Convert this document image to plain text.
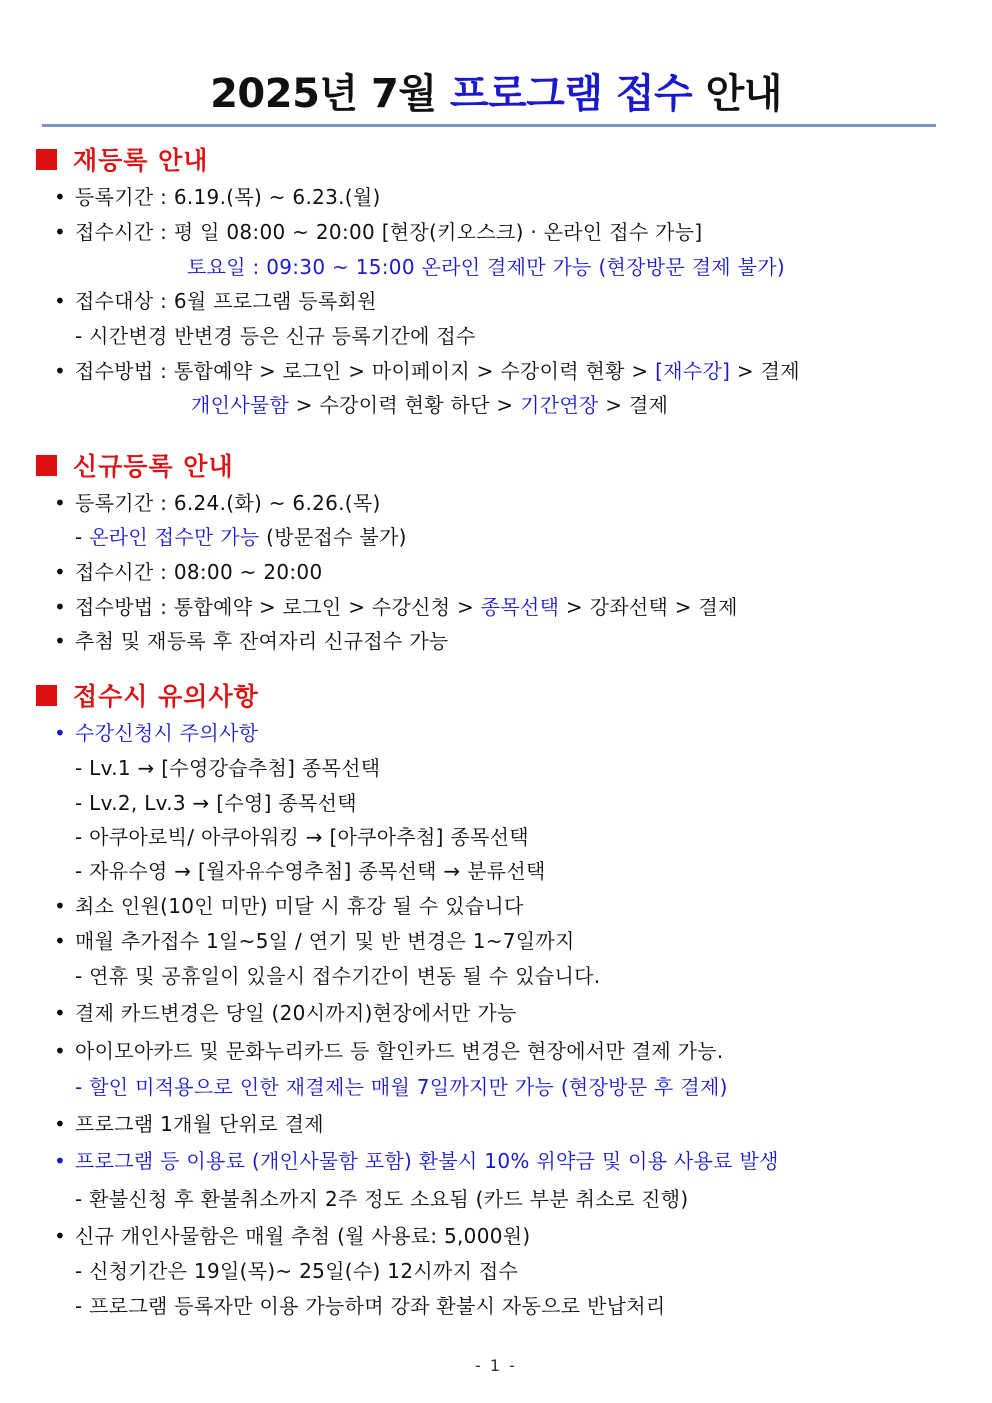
2025년 7월 프로그램 접수 안내
재등록 안내
• 등록기간 : 6.19.(목) ~ 6.23.(월)
• 접수시간 : 평 일 08:00 ~ 20:00 [현장(키오스크) · 온라인 접수 가능]
토요일 : 09:30 ~ 15:00 온라인 결제만 가능 (현장방문 결제 불가)
• 접수대상 : 6월 프로그램 등록회원
- 시간변경 반변경 등은 신규 등록기간에 접수
• 접수방법 : 통합예약 > 로그인 > 마이페이지 > 수강이력 현황 > [재수강] > 결제
개인사물함 > 수강이력 현황 하단 > 기간연장 > 결제
신규등록 안내
• 등록기간 : 6.24.(화) ~ 6.26.(목)
- 온라인 접수만 가능 (방문접수 불가)
• 접수시간 : 08:00 ~ 20:00
• 접수방법 : 통합예약 > 로그인 > 수강신청 > 종목선택 > 강좌선택 > 결제
• 추첨 및 재등록 후 잔여자리 신규접수 가능
접수시 유의사항
• 수강신청시 주의사항
- Lv.1 → [수영강습추첨] 종목선택
- Lv.2, Lv.3 → [수영] 종목선택
- 아쿠아로빅/ 아쿠아워킹 → [아쿠아추첨] 종목선택
- 자유수영 → [월자유수영추첨] 종목선택 → 분류선택
• 최소 인원(10인 미만) 미달 시 휴강 될 수 있습니다
• 매월 추가접수 1일~5일 / 연기 및 반 변경은 1~7일까지
- 연휴 및 공휴일이 있을시 접수기간이 변동 될 수 있습니다.
• 결제 카드변경은 당일 (20시까지)현장에서만 가능
• 아이모아카드 및 문화누리카드 등 할인카드 변경은 현장에서만 결제 가능.
- 할인 미적용으로 인한 재결제는 매월 7일까지만 가능 (현장방문 후 결제)
• 프로그램 1개월 단위로 결제
• 프로그램 등 이용료 (개인사물함 포함) 환불시 10% 위약금 및 이용 사용료 발생
- 환불신청 후 환불취소까지 2주 정도 소요됨 (카드 부분 취소로 진행)
• 신규 개인사물함은 매월 추첨 (월 사용료: 5,000원)
- 신청기간은 19일(목)~ 25일(수) 12시까지 접수
- 프로그램 등록자만 이용 가능하며 강좌 환불시 자동으로 반납처리
- 1 -
